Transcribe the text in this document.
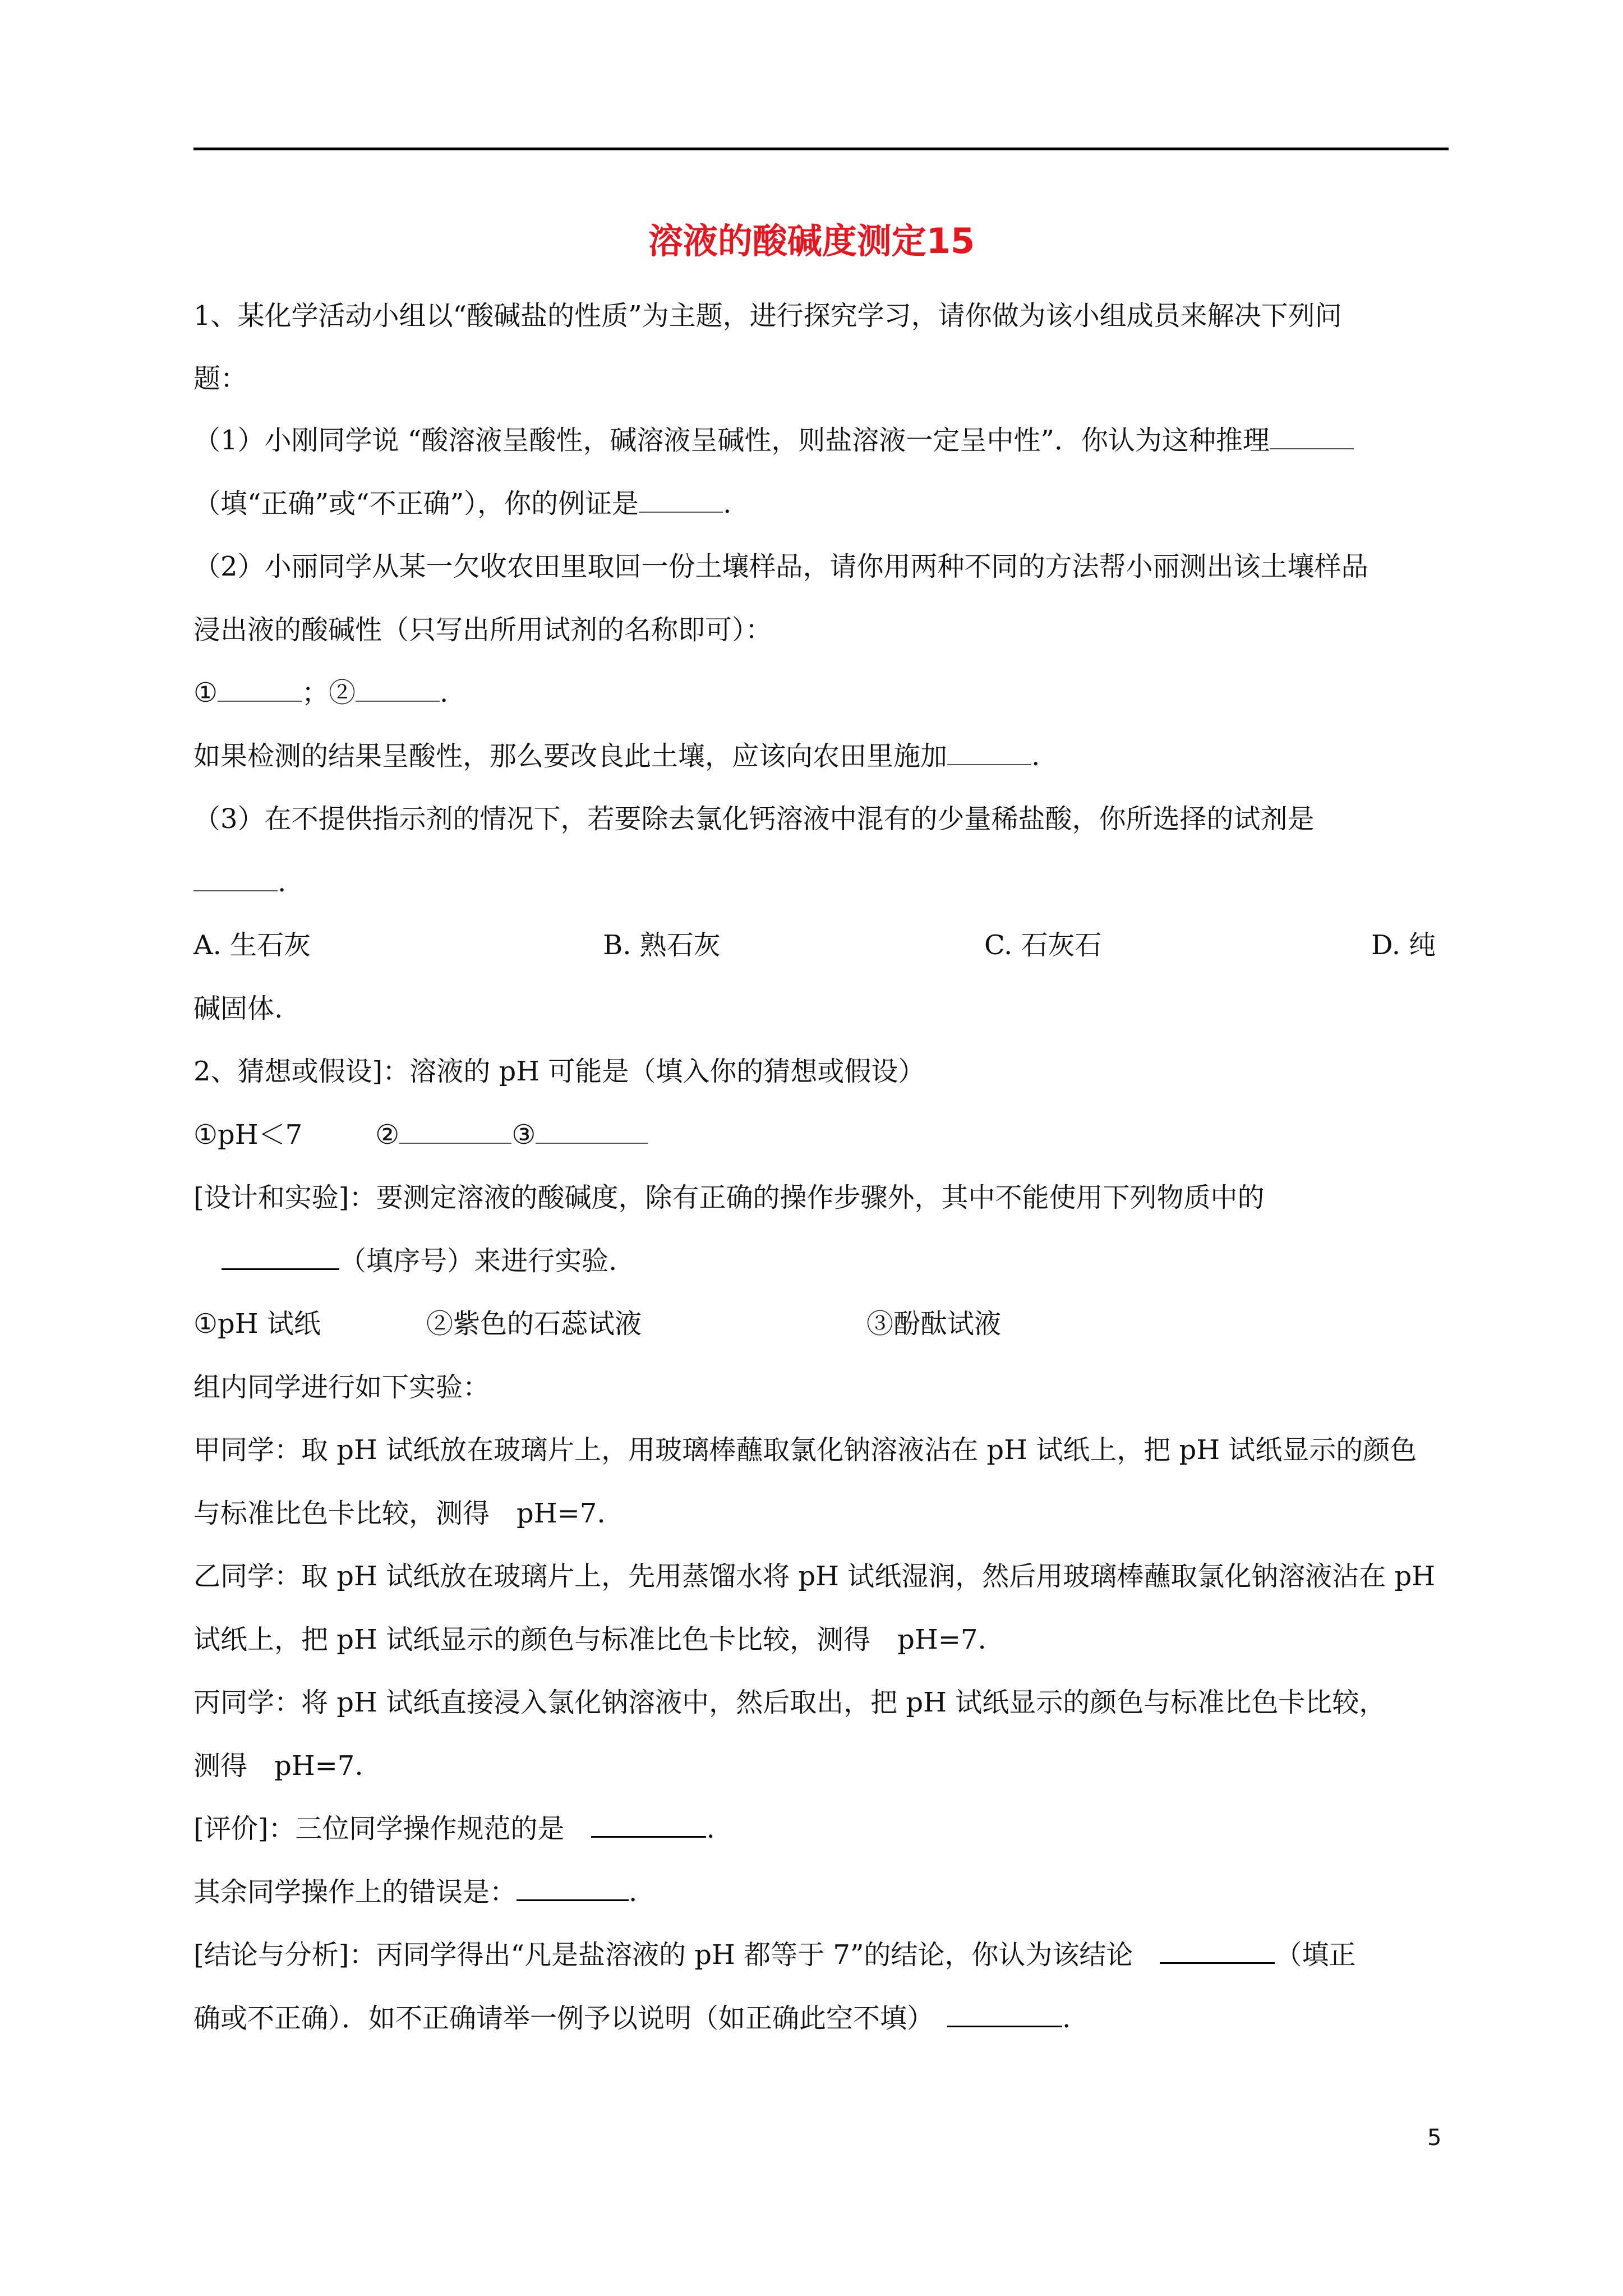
溶液的酸碱度测定15
1、某化学活动小组以“酸碱盐的性质”为主题，进行探究学习，请你做为该小组成员来解决下列问
题：
（1）小刚同学说 “酸溶液呈酸性，碱溶液呈碱性，则盐溶液一定呈中性”．你认为这种推理
（填“正确”或“不正确”），你的例证是	.
（2）小丽同学从某一欠收农田里取回一份土壤样品，请你用两种不同的方法帮小丽测出该土壤样品
浸出液的酸碱性（只写出所用试剂的名称即可）：
①	；②	.
如果检测的结果呈酸性，那么要改良此土壤，应该向农田里施加	.
（3）在不提供指示剂的情况下，若要除去氯化钙溶液中混有的少量稀盐酸，你所选择的试剂是
.
A. 生石灰	B. 熟石灰	C. 石灰石	D. 纯
碱固体.
2、猜想或假设]：溶液的 pH 可能是（填入你的猜想或假设）
①pH＜7	②	③
[设计和实验]：要测定溶液的酸碱度，除有正确的操作步骤外，其中不能使用下列物质中的
（填序号）来进行实验.
①pH 试纸	②紫色的石蕊试液	③酚酞试液
组内同学进行如下实验：
甲同学：取 pH 试纸放在玻璃片上，用玻璃棒蘸取氯化钠溶液沾在 pH 试纸上，把 pH 试纸显示的颜色
与标准比色卡比较，测得　pH=7.
乙同学：取 pH 试纸放在玻璃片上，先用蒸馏水将 pH 试纸湿润，然后用玻璃棒蘸取氯化钠溶液沾在 pH
试纸上，把 pH 试纸显示的颜色与标准比色卡比较，测得　pH=7.
丙同学：将 pH 试纸直接浸入氯化钠溶液中，然后取出，把 pH 试纸显示的颜色与标准比色卡比较，
测得　pH=7.
[评价]：三位同学操作规范的是　	.
其余同学操作上的错误是：	.
[结论与分析]：丙同学得出“凡是盐溶液的 pH 都等于 7”的结论，你认为该结论　	（填正
确或不正确）．如不正确请举一例予以说明（如正确此空不填）　	.
5
